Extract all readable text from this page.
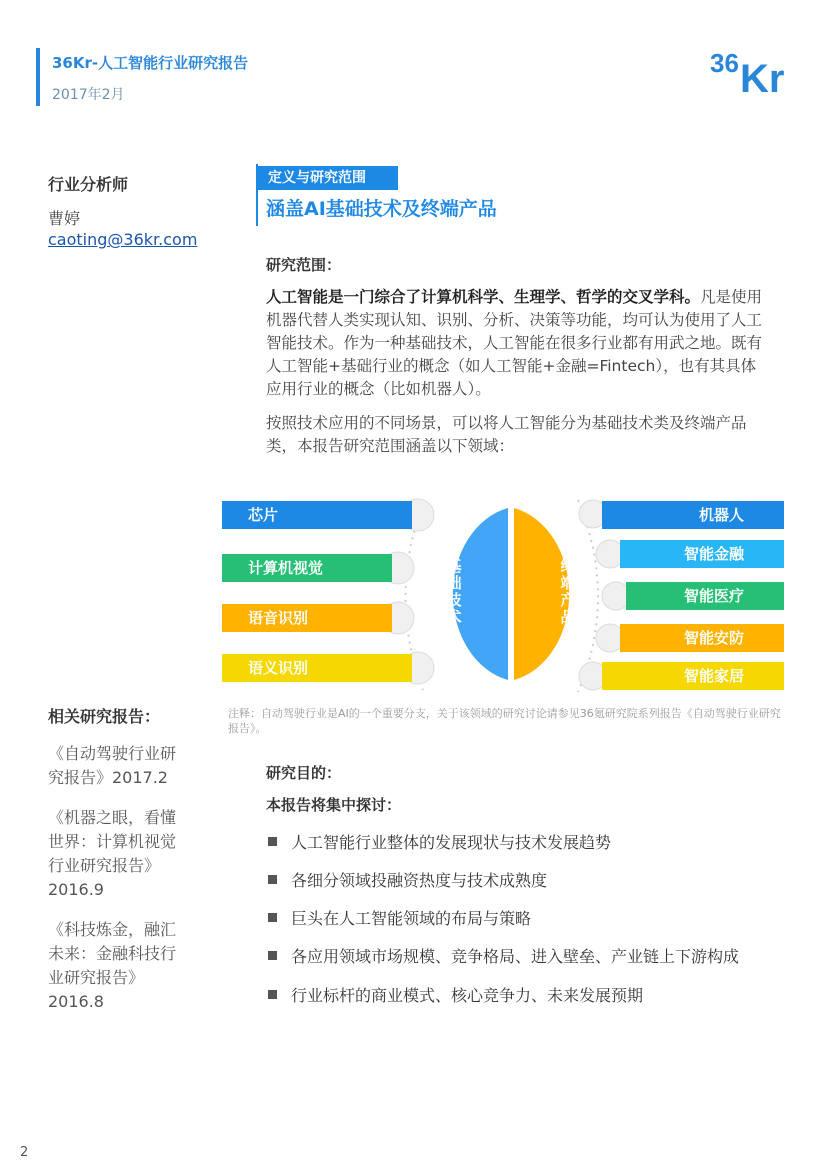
36Kr-人工智能行业研究报告
2017年2月
36 Kr
行业分析师
曹婷
caoting@36kr.com
相关研究报告：
《自动驾驶行业研
究报告》2017.2
《机器之眼，看懂
世界：计算机视觉
行业研究报告》
2016.9
《科技炼金，融汇
未来：金融科技行
业研究报告》
2016.8
定义与研究范围
涵盖AI基础技术及终端产品
研究范围：
人工智能是一门综合了计算机科学、生理学、哲学的交叉学科。凡是使用机器代替人类实现认知、识别、分析、决策等功能，均可认为使用了人工智能技术。作为一种基础技术，人工智能在很多行业都有用武之地。既有人工智能+基础行业的概念（如人工智能+金融=Fintech），也有其具体应用行业的概念（比如机器人）。
按照技术应用的不同场景，可以将人工智能分为基础技术类及终端产品类，本报告研究范围涵盖以下领域：
芯片
计算机视觉
语音识别
语义识别
机器人
智能金融
智能医疗
智能安防
智能家居
基础技术
终端产品
注释：自动驾驶行业是AI的一个重要分支，关于该领域的研究讨论请参见36氪研究院系列报告《自动驾驶行业研究报告》。
研究目的：
本报告将集中探讨：
人工智能行业整体的发展现状与技术发展趋势
各细分领域投融资热度与技术成熟度
巨头在人工智能领域的布局与策略
各应用领域市场规模、竞争格局、进入壁垒、产业链上下游构成
行业标杆的商业模式、核心竞争力、未来发展预期
2
